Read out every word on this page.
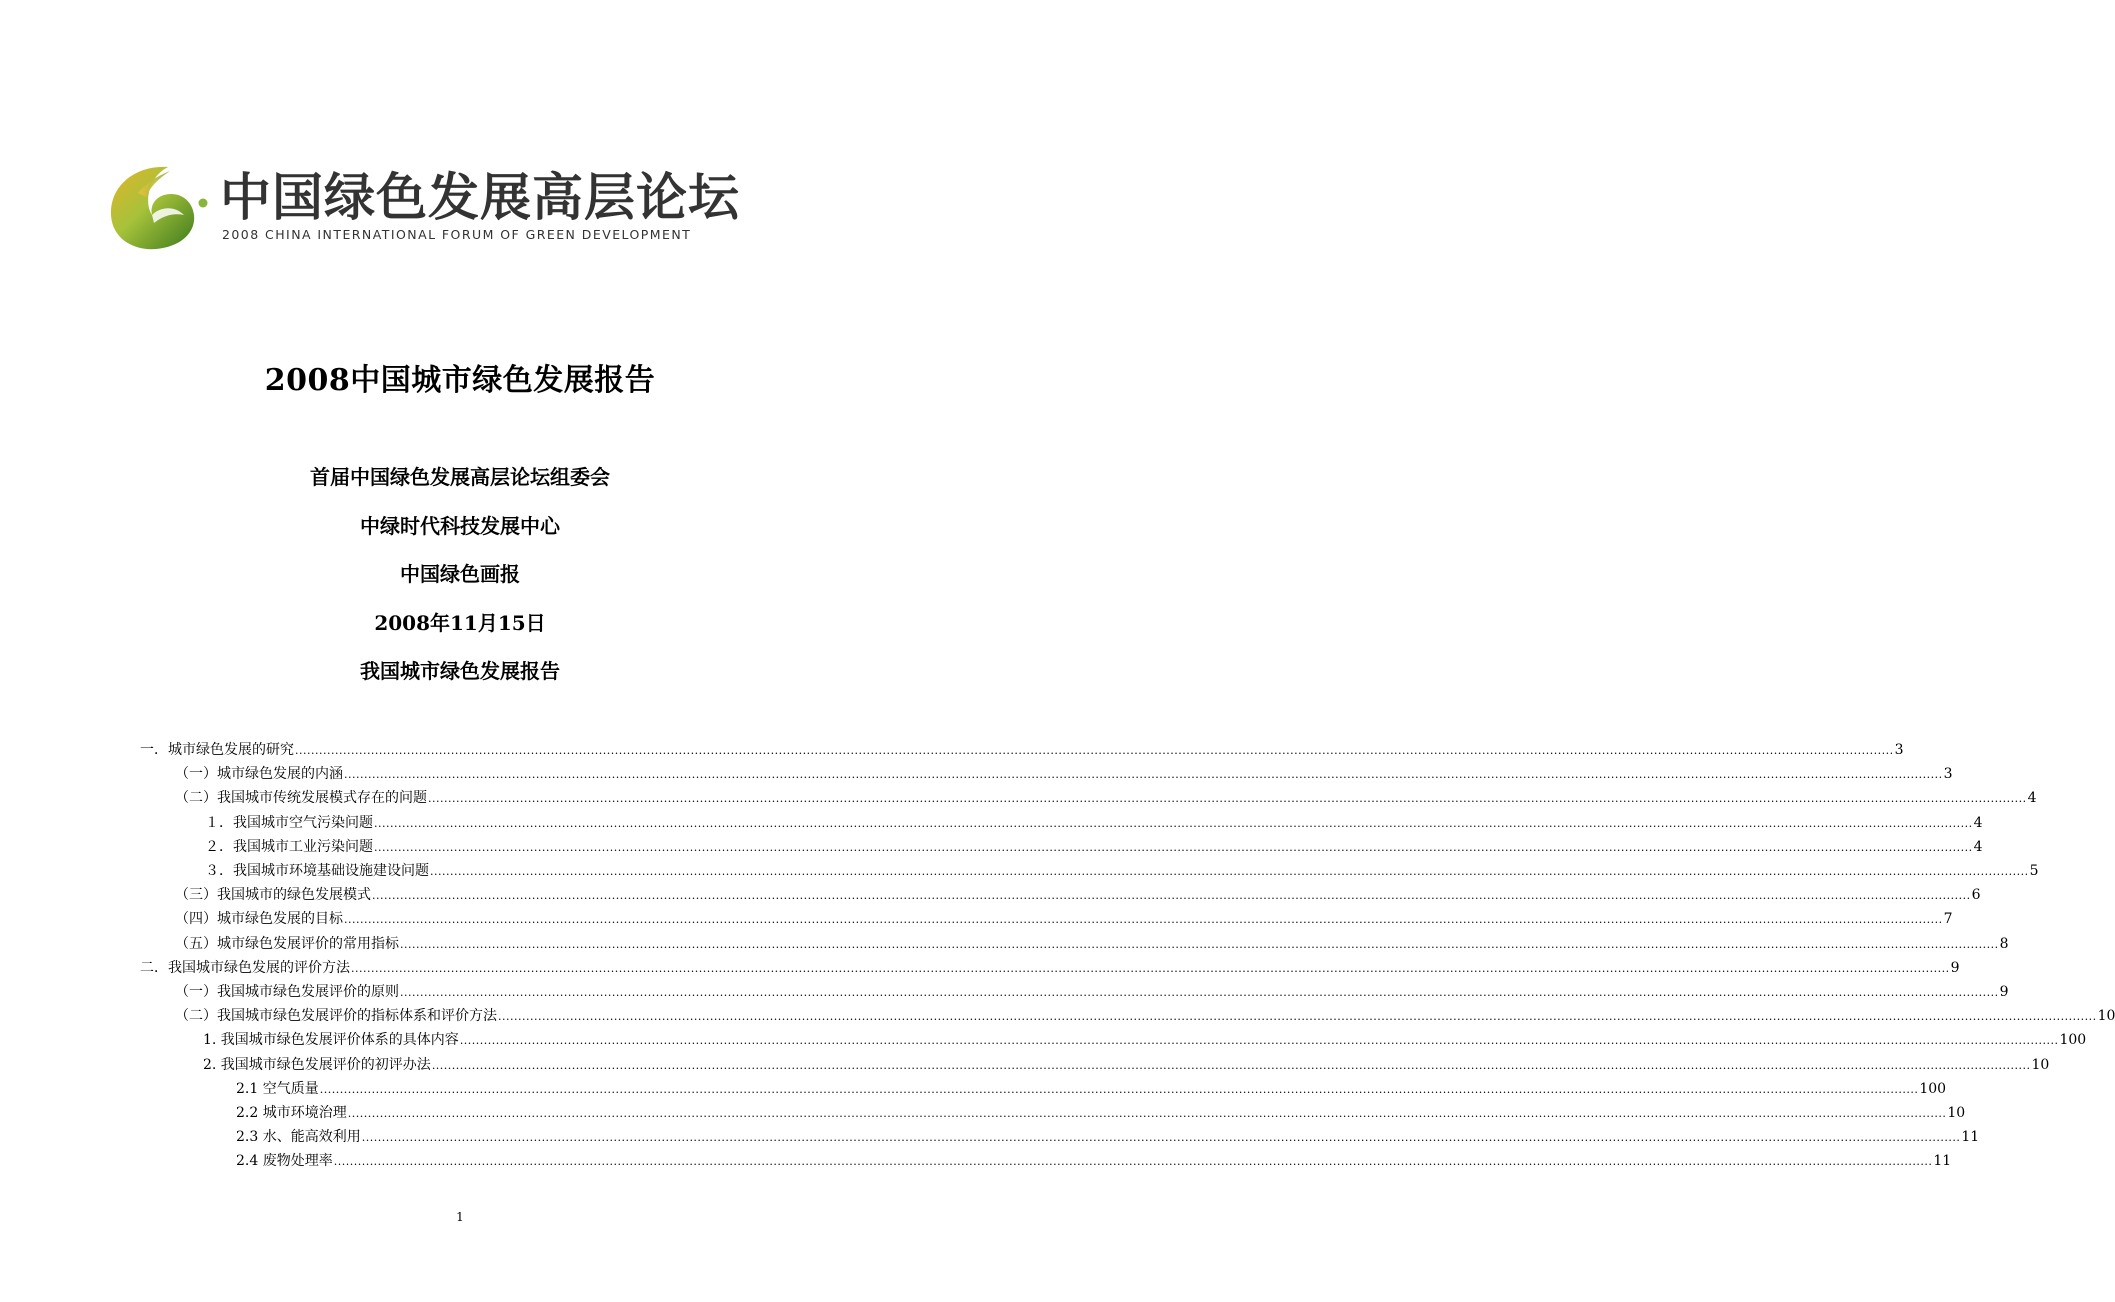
中国绿色发展高层论坛
2008 CHINA INTERNATIONAL FORUM OF GREEN DEVELOPMENT
2008中国城市绿色发展报告
首届中国绿色发展高层论坛组委会
中绿时代科技发展中心
中国绿色画报
2008年11月15日
我国城市绿色发展报告
一．城市绿色发展的研究 ................................................................................................................................................................................................................................................................................................................................................................................................................ 3
（一）城市绿色发展的内涵 ................................................................................................................................................................................................................................................................................................................................................................................................................ 3
（二）我国城市传统发展模式存在的问题 ................................................................................................................................................................................................................................................................................................................................................................................................................ 4
１．我国城市空气污染问题 ................................................................................................................................................................................................................................................................................................................................................................................................................ 4
２．我国城市工业污染问题 ................................................................................................................................................................................................................................................................................................................................................................................................................ 4
３．我国城市环境基础设施建设问题 ................................................................................................................................................................................................................................................................................................................................................................................................................ 5
（三）我国城市的绿色发展模式 ................................................................................................................................................................................................................................................................................................................................................................................................................ 6
（四）城市绿色发展的目标 ................................................................................................................................................................................................................................................................................................................................................................................................................ 7
（五）城市绿色发展评价的常用指标 ................................................................................................................................................................................................................................................................................................................................................................................................................ 8
二．我国城市绿色发展的评价方法 ................................................................................................................................................................................................................................................................................................................................................................................................................ 9
（一）我国城市绿色发展评价的原则 ................................................................................................................................................................................................................................................................................................................................................................................................................ 9
（二）我国城市绿色发展评价的指标体系和评价方法 ................................................................................................................................................................................................................................................................................................................................................................................................................ 10
1. 我国城市绿色发展评价体系的具体内容 ................................................................................................................................................................................................................................................................................................................................................................................................................ 100
2. 我国城市绿色发展评价的初评办法 ................................................................................................................................................................................................................................................................................................................................................................................................................ 10
2.1 空气质量 ................................................................................................................................................................................................................................................................................................................................................................................................................ 100
2.2 城市环境治理 ................................................................................................................................................................................................................................................................................................................................................................................................................ 10
2.3 水、能高效利用 ................................................................................................................................................................................................................................................................................................................................................................................................................ 11
2.4 废物处理率 ................................................................................................................................................................................................................................................................................................................................................................................................................ 11
1
